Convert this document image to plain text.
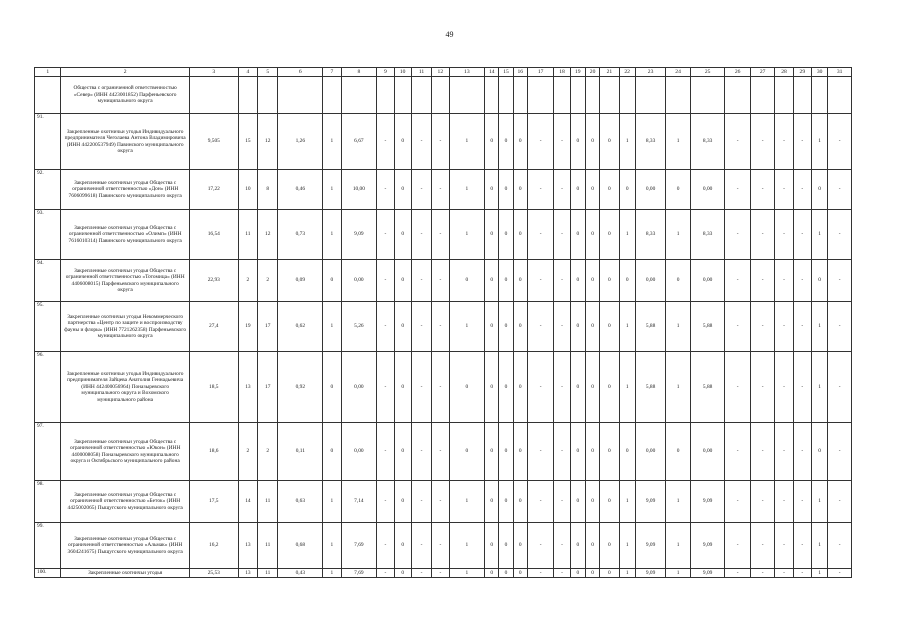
49
1	2	3	4	5	6	7	8	9	10	11	12	13	14	15	16	17	18	19	20	21	22	23	24	25	26	27	28	29	30	31
	Общества с ограниченной ответственностью «Север» (ИНН 4423001852) Парфеньевского муниципального округа																													
91.	Закрепленные охотничьи угодья Индивидуального предпринимателя Чеголаева Антона Владимировича (ИНН 442200537949) Павинского муниципального округа	9,505	15	12	1,26	1	6,67	-	0	-	-	1	0	0	0	-	-	0	0	0	1	8,33	1	8,33	-	-	-	-	1	-
92.	Закрепленные охотничьи угодья Общества с ограниченной ответственностью «Дон» (ИНН 7606099618) Павинского муниципального округа	17,22	10	8	0,46	1	10,00	-	0	-	-	1	0	0	0	-	-	0	0	0	0	0,00	0	0,00	-	-	-	-	0	-
93.	Закрепленные охотничьи угодья Общества с ограниченной ответственностью «Олимп» (ИНН 7616010314) Павинского муниципального округа	16,54	11	12	0,73	1	9,09	-	0	-	-	1	0	0	0	-	-	0	0	0	1	8,33	1	8,33	-	-	-	-	1	-
94.	Закрепленные охотничьи угодья Общества с ограниченной ответственностью «Тотомица» (ИНН 4406008015) Парфеньевского муниципального округа	22,93	2	2	0,09	0	0,00	-	0	-	-	0	0	0	0	-	-	0	0	0	0	0,00	0	0,00	-	-	-	-	0	-
95.	Закрепленные охотничьи угодья Некоммерческого партнерства «Центр по защите и воспроизводству фауны и флоры» (ИНН 7721262358) Парфеньевского муниципального округа	27,4	19	17	0,62	1	5,26	-	0	-	-	1	0	0	0	-	-	0	0	0	1	5,88	1	5,88	-	-	-	-	1	-
96.	Закрепленные охотничьи угодья Индивидуального предпринимателя Зайцева Анатолия Геннадьевича (ИНН 442400056964) Поназыревского муниципального округа и Вохомского муниципального района	18,5	13	17	0,92	0	0,00	-	0	-	-	0	0	0	0	-	-	0	0	0	1	5,88	1	5,88	-	-	-	-	1	-
97.	Закрепленные охотничьи угодья Общества с ограниченной ответственностью «Юкон» (ИНН 4400008058) Поназыревского муниципального округа и Октябрьского муниципального района	18,6	2	2	0,11	0	0,00	-	0	-	-	0	0	0	0	-	-	0	0	0	0	0,00	0	0,00	-	-	-	-	0	-
98.	Закрепленные охотничьи угодья Общества с ограниченной ответственностью «Беток» (ИНН 4425002065) Пыщугского муниципального округа	17,5	14	11	0,63	1	7,14	-	0	-	-	1	0	0	0	-	-	0	0	0	1	9,09	1	9,09	-	-	-	-	1	-
99.	Закрепленные охотничьи угодья Общества с ограниченной ответственностью «Альмак» (ИНН 3604241675) Пыщугского муниципального округа	16,2	13	11	0,68	1	7,69	-	0	-	-	1	0	0	0	-	-	0	0	0	1	9,09	1	9,09	-	-	-	-	1	-
100.	Закрепленные охотничьи угодья	25,53	13	11	0,43	1	7,69	-	0	-	-	1	0	0	0	-	-	0	0	0	1	9,09	1	9,09	-	-	-	-	1	-
